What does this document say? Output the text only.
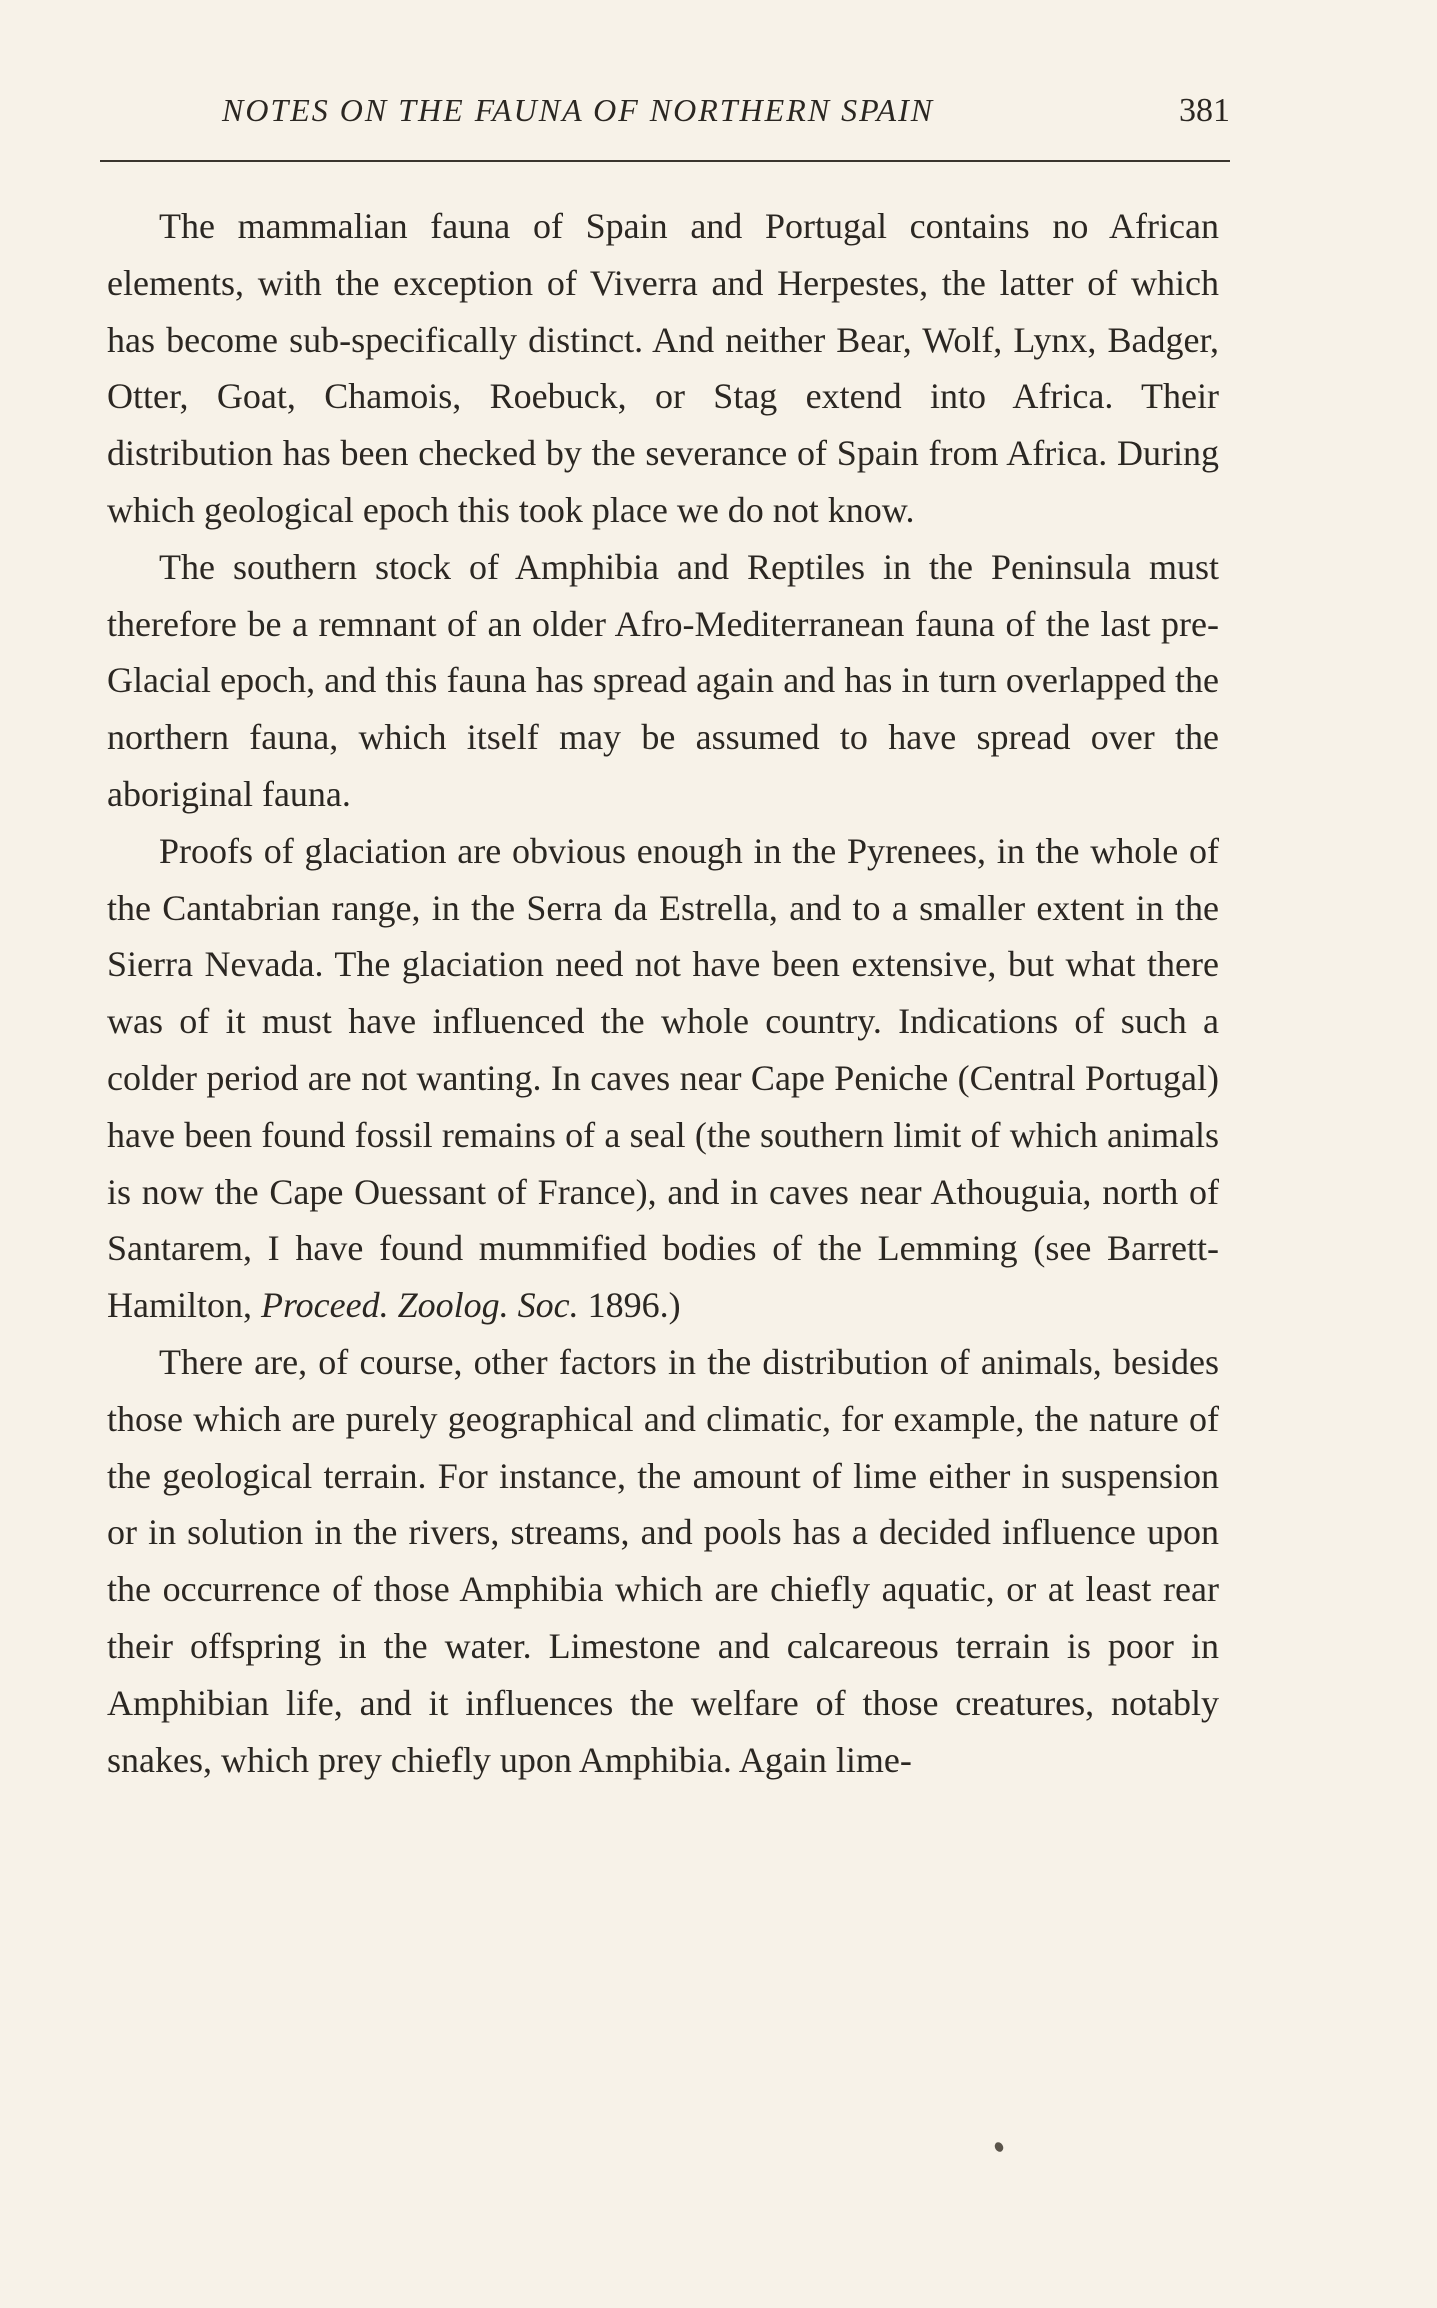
NOTES ON THE FAUNA OF NORTHERN SPAIN	381

The mammalian fauna of Spain and Portugal contains no African elements, with the exception of Viverra and Herpestes, the latter of which has become sub-specifically distinct. And neither Bear, Wolf, Lynx, Badger, Otter, Goat, Chamois, Roebuck, or Stag extend into Africa. Their distribution has been checked by the severance of Spain from Africa. During which geological epoch this took place we do not know.

The southern stock of Amphibia and Reptiles in the Peninsula must therefore be a remnant of an older Afro-Mediterranean fauna of the last pre-Glacial epoch, and this fauna has spread again and has in turn overlapped the northern fauna, which itself may be assumed to have spread over the aboriginal fauna.

Proofs of glaciation are obvious enough in the Pyrenees, in the whole of the Cantabrian range, in the Serra da Estrella, and to a smaller extent in the Sierra Nevada. The glaciation need not have been extensive, but what there was of it must have influenced the whole country. Indications of such a colder period are not wanting. In caves near Cape Peniche (Central Portugal) have been found fossil remains of a seal (the southern limit of which animals is now the Cape Ouessant of France), and in caves near Athouguia, north of Santarem, I have found mummified bodies of the Lemming (see Barrett-Hamilton, Proceed. Zoolog. Soc. 1896.)

There are, of course, other factors in the distribution of animals, besides those which are purely geographical and climatic, for example, the nature of the geological terrain. For instance, the amount of lime either in suspension or in solution in the rivers, streams, and pools has a decided influence upon the occurrence of those Amphibia which are chiefly aquatic, or at least rear their offspring in the water. Limestone and calcareous terrain is poor in Amphibian life, and it influences the welfare of those creatures, notably snakes, which prey chiefly upon Amphibia. Again lime-
